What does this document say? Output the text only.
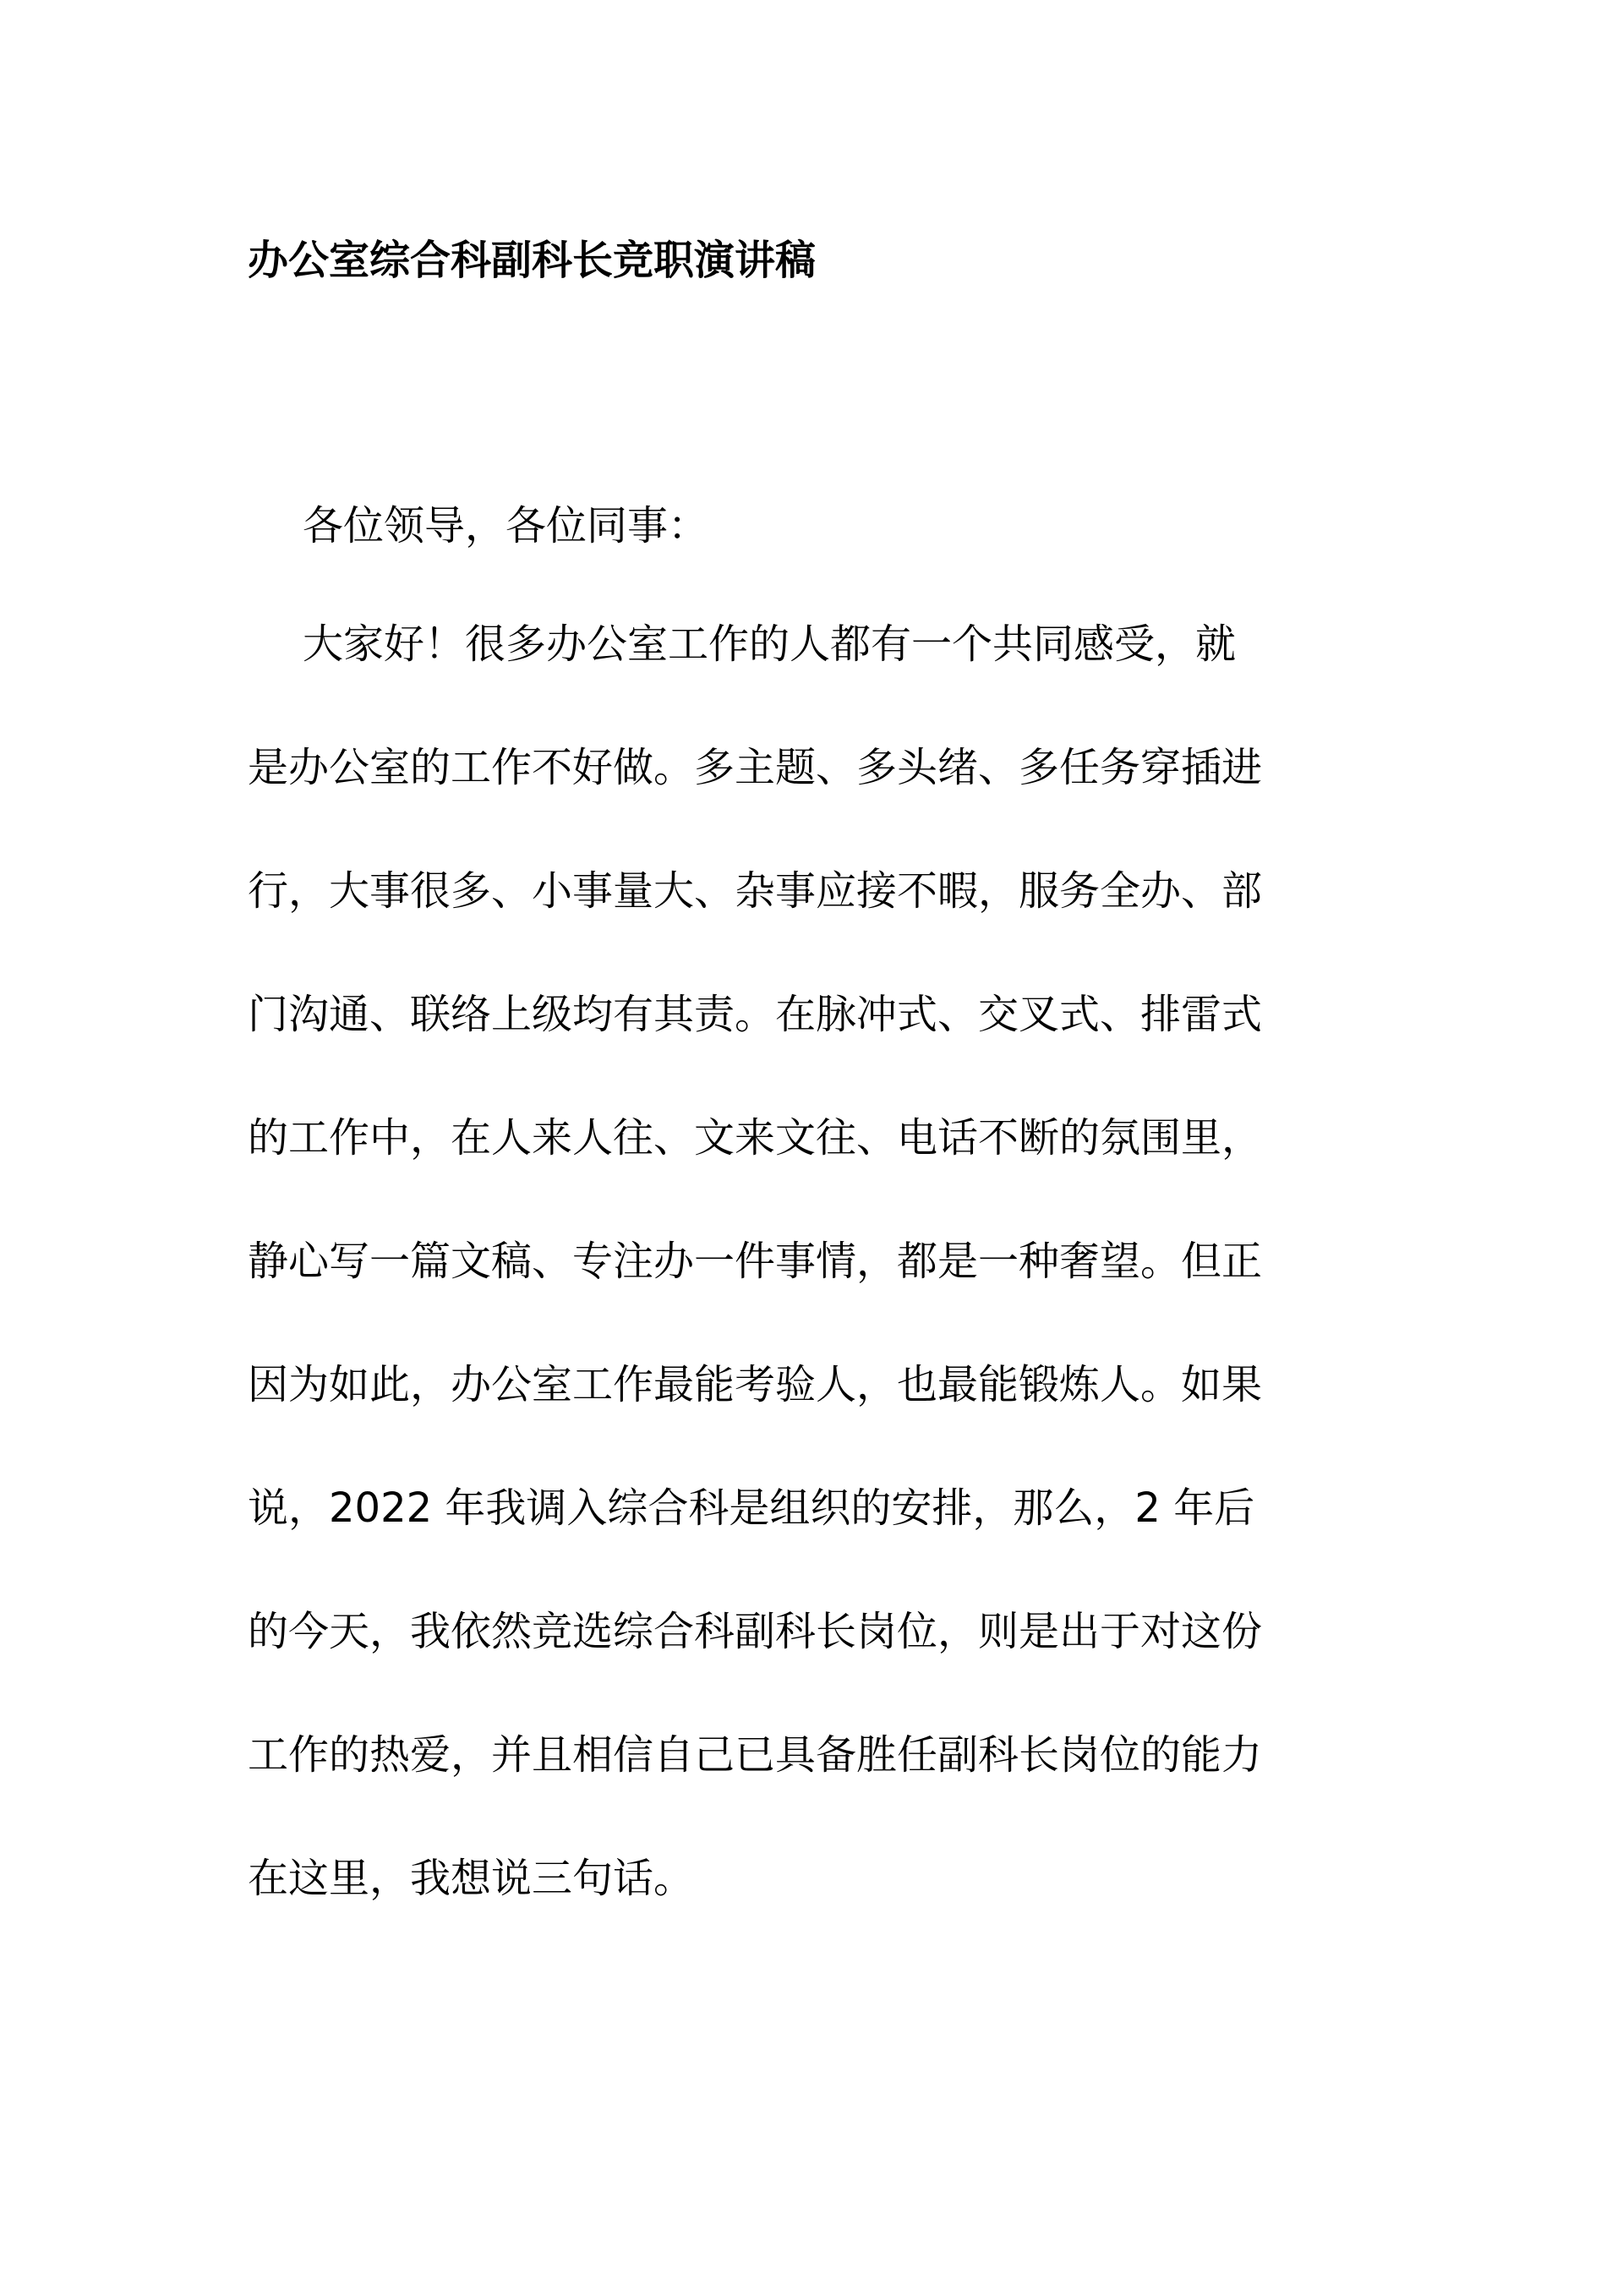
办公室综合科副科长竞职演讲稿

各位领导，各位同事：

大家好！很多办公室工作的人都有一个共同感受，就

是办公室的工作不好做。多主题、多头绪、多任务穿插进

行，大事很多、小事量大、杂事应接不暇，服务全办、部

门沟通、联络上级均有其责。在脉冲式、交叉式、排雷式

的工作中，在人来人往、文来文往、电话不断的氛围里，

静心写一篇文稿、专注办一件事情，都是一种奢望。但正

因为如此，办公室工作最能考验人，也最能锻炼人。如果

说，2022 年我调入综合科是组织的安排，那么，2 年后

的今天，我依然竞选综合科副科长岗位，则是出于对这份

工作的热爱，并且相信自己已具备胜任副科长岗位的能力

在这里，我想说三句话。
